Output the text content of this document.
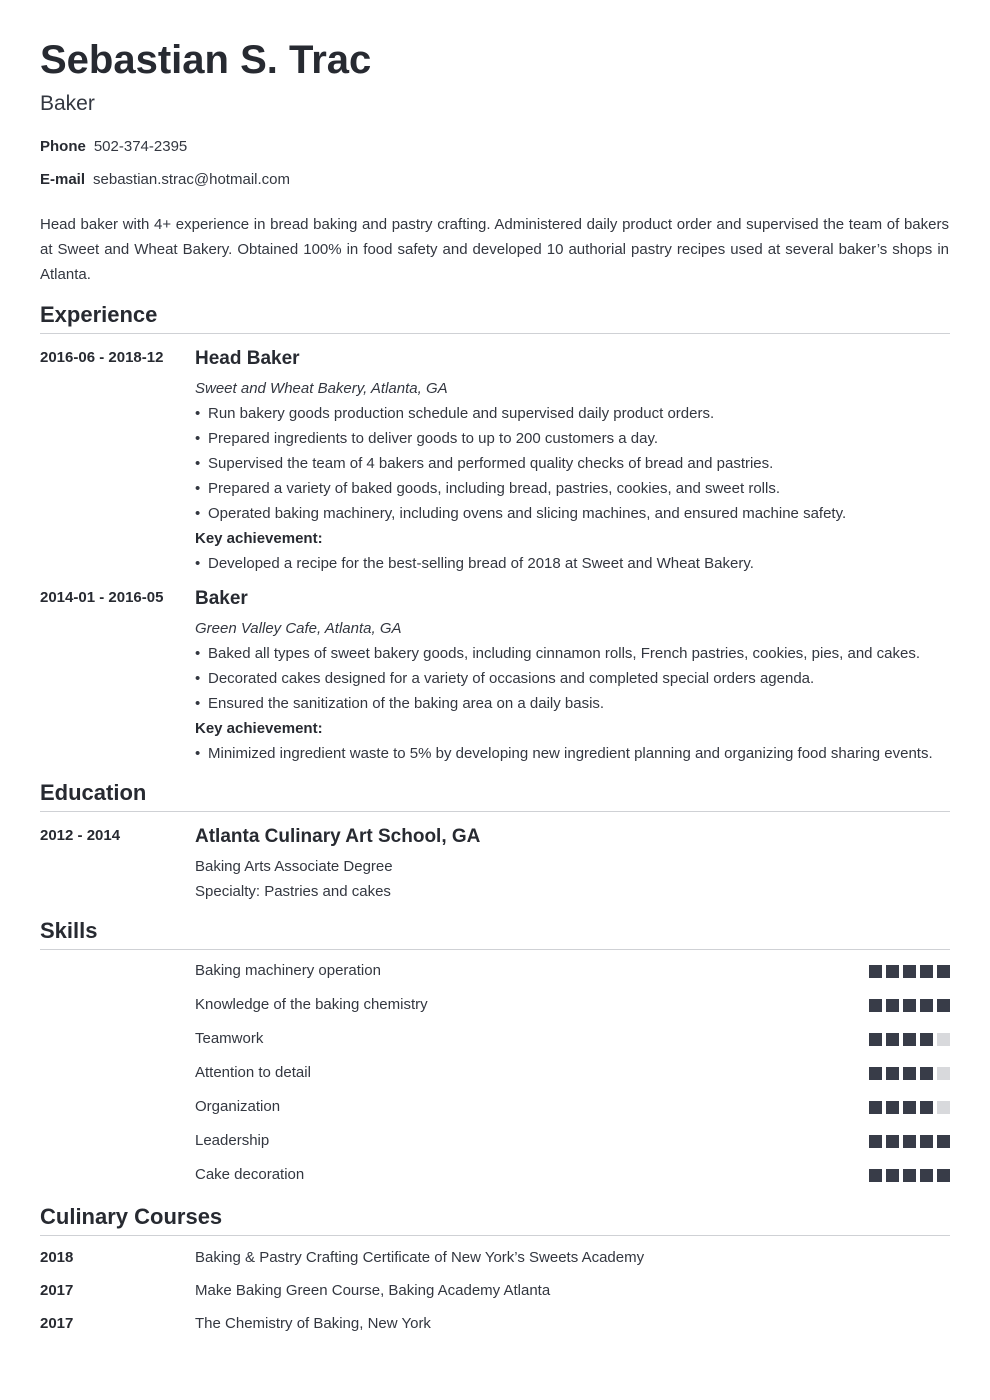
Sebastian S. Trac
Baker
Phone 502-374-2395
E-mail sebastian.strac@hotmail.com

Head baker with 4+ experience in bread baking and pastry crafting. Administered daily product order and supervised the team of bakers at Sweet and Wheat Bakery. Obtained 100% in food safety and developed 10 authorial pastry recipes used at several baker’s shops in Atlanta.

Experience
2016-06 - 2018-12	Head Baker
Sweet and Wheat Bakery, Atlanta, GA
• Run bakery goods production schedule and supervised daily product orders.
• Prepared ingredients to deliver goods to up to 200 customers a day.
• Supervised the team of 4 bakers and performed quality checks of bread and pastries.
• Prepared a variety of baked goods, including bread, pastries, cookies, and sweet rolls.
• Operated baking machinery, including ovens and slicing machines, and ensured machine safety.
Key achievement:
• Developed a recipe for the best-selling bread of 2018 at Sweet and Wheat Bakery.
2014-01 - 2016-05	Baker
Green Valley Cafe, Atlanta, GA
• Baked all types of sweet bakery goods, including cinnamon rolls, French pastries, cookies, pies, and cakes.
• Decorated cakes designed for a variety of occasions and completed special orders agenda.
• Ensured the sanitization of the baking area on a daily basis.
Key achievement:
• Minimized ingredient waste to 5% by developing new ingredient planning and organizing food sharing events.
Education
2012 - 2014	Atlanta Culinary Art School, GA
Baking Arts Associate Degree
Specialty: Pastries and cakes
Skills
Baking machinery operation
Knowledge of the baking chemistry
Teamwork
Attention to detail
Organization
Leadership
Cake decoration
Culinary Courses
2018	Baking & Pastry Crafting Certificate of New York’s Sweets Academy
2017	Make Baking Green Course, Baking Academy Atlanta
2017	The Chemistry of Baking, New York
